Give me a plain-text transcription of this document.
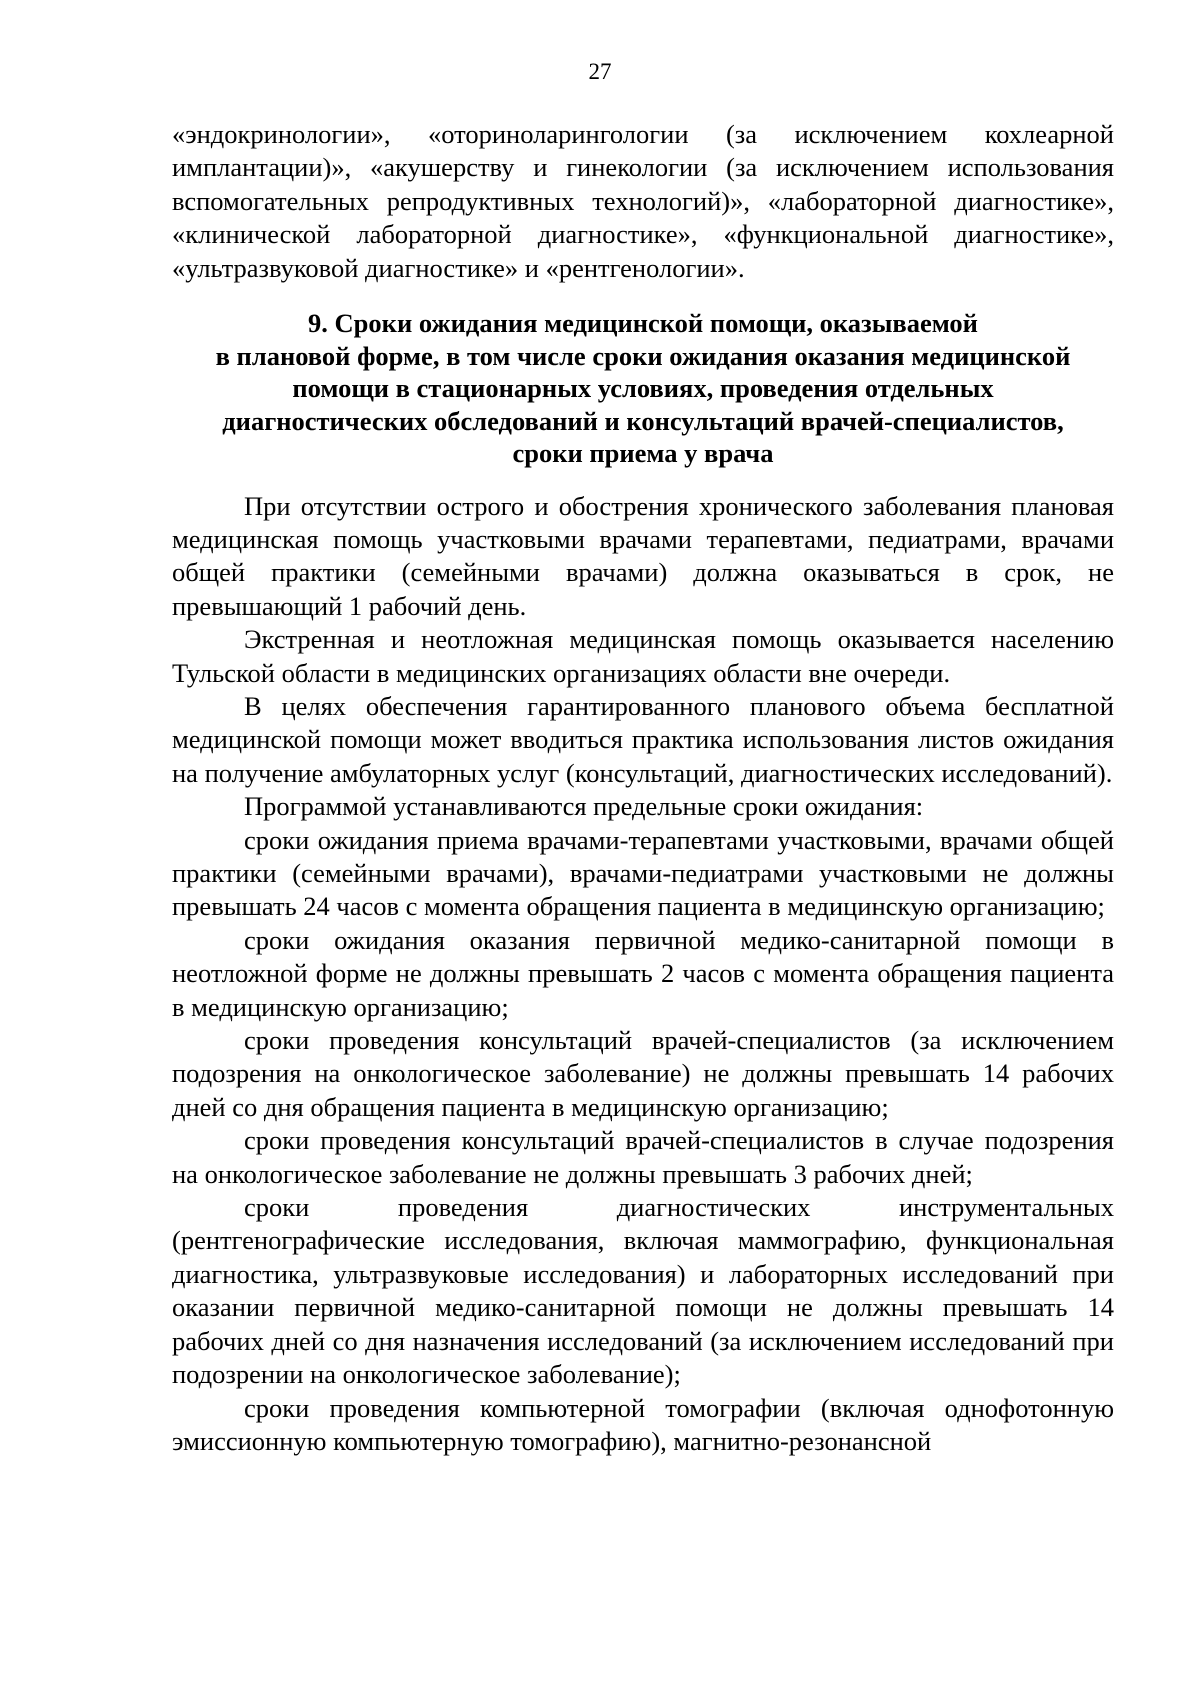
27

«эндокринологии», «оториноларингологии (за исключением кохлеарной имплантации)», «акушерству и гинекологии (за исключением использования вспомогательных репродуктивных технологий)», «лабораторной диагностике», «клинической лабораторной диагностике», «функциональной диагностике», «ультразвуковой диагностике» и «рентгенологии».

9. Сроки ожидания медицинской помощи, оказываемой
в плановой форме, в том числе сроки ожидания оказания медицинской
помощи в стационарных условиях, проведения отдельных
диагностических обследований и консультаций врачей-специалистов,
сроки приема у врача

При отсутствии острого и обострения хронического заболевания плановая медицинская помощь участковыми врачами терапевтами, педиатрами, врачами общей практики (семейными врачами) должна оказываться в срок, не превышающий 1 рабочий день.

Экстренная и неотложная медицинская помощь оказывается населению Тульской области в медицинских организациях области вне очереди.

В целях обеспечения гарантированного планового объема бесплатной медицинской помощи может вводиться практика использования листов ожидания на получение амбулаторных услуг (консультаций, диагностических исследований).

Программой устанавливаются предельные сроки ожидания:

сроки ожидания приема врачами-терапевтами участковыми, врачами общей практики (семейными врачами), врачами-педиатрами участковыми не должны превышать 24 часов с момента обращения пациента в медицинскую организацию;

сроки ожидания оказания первичной медико-санитарной помощи в неотложной форме не должны превышать 2 часов с момента обращения пациента в медицинскую организацию;

сроки проведения консультаций врачей-специалистов (за исключением подозрения на онкологическое заболевание) не должны превышать 14 рабочих дней со дня обращения пациента в медицинскую организацию;

сроки проведения консультаций врачей-специалистов в случае подозрения на онкологическое заболевание не должны превышать 3 рабочих дней;

сроки проведения диагностических инструментальных (рентгенографические исследования, включая маммографию, функциональная диагностика, ультразвуковые исследования) и лабораторных исследований при оказании первичной медико-санитарной помощи не должны превышать 14 рабочих дней со дня назначения исследований (за исключением исследований при подозрении на онкологическое заболевание);

сроки проведения компьютерной томографии (включая однофотонную эмиссионную компьютерную томографию), магнитно-резонансной
